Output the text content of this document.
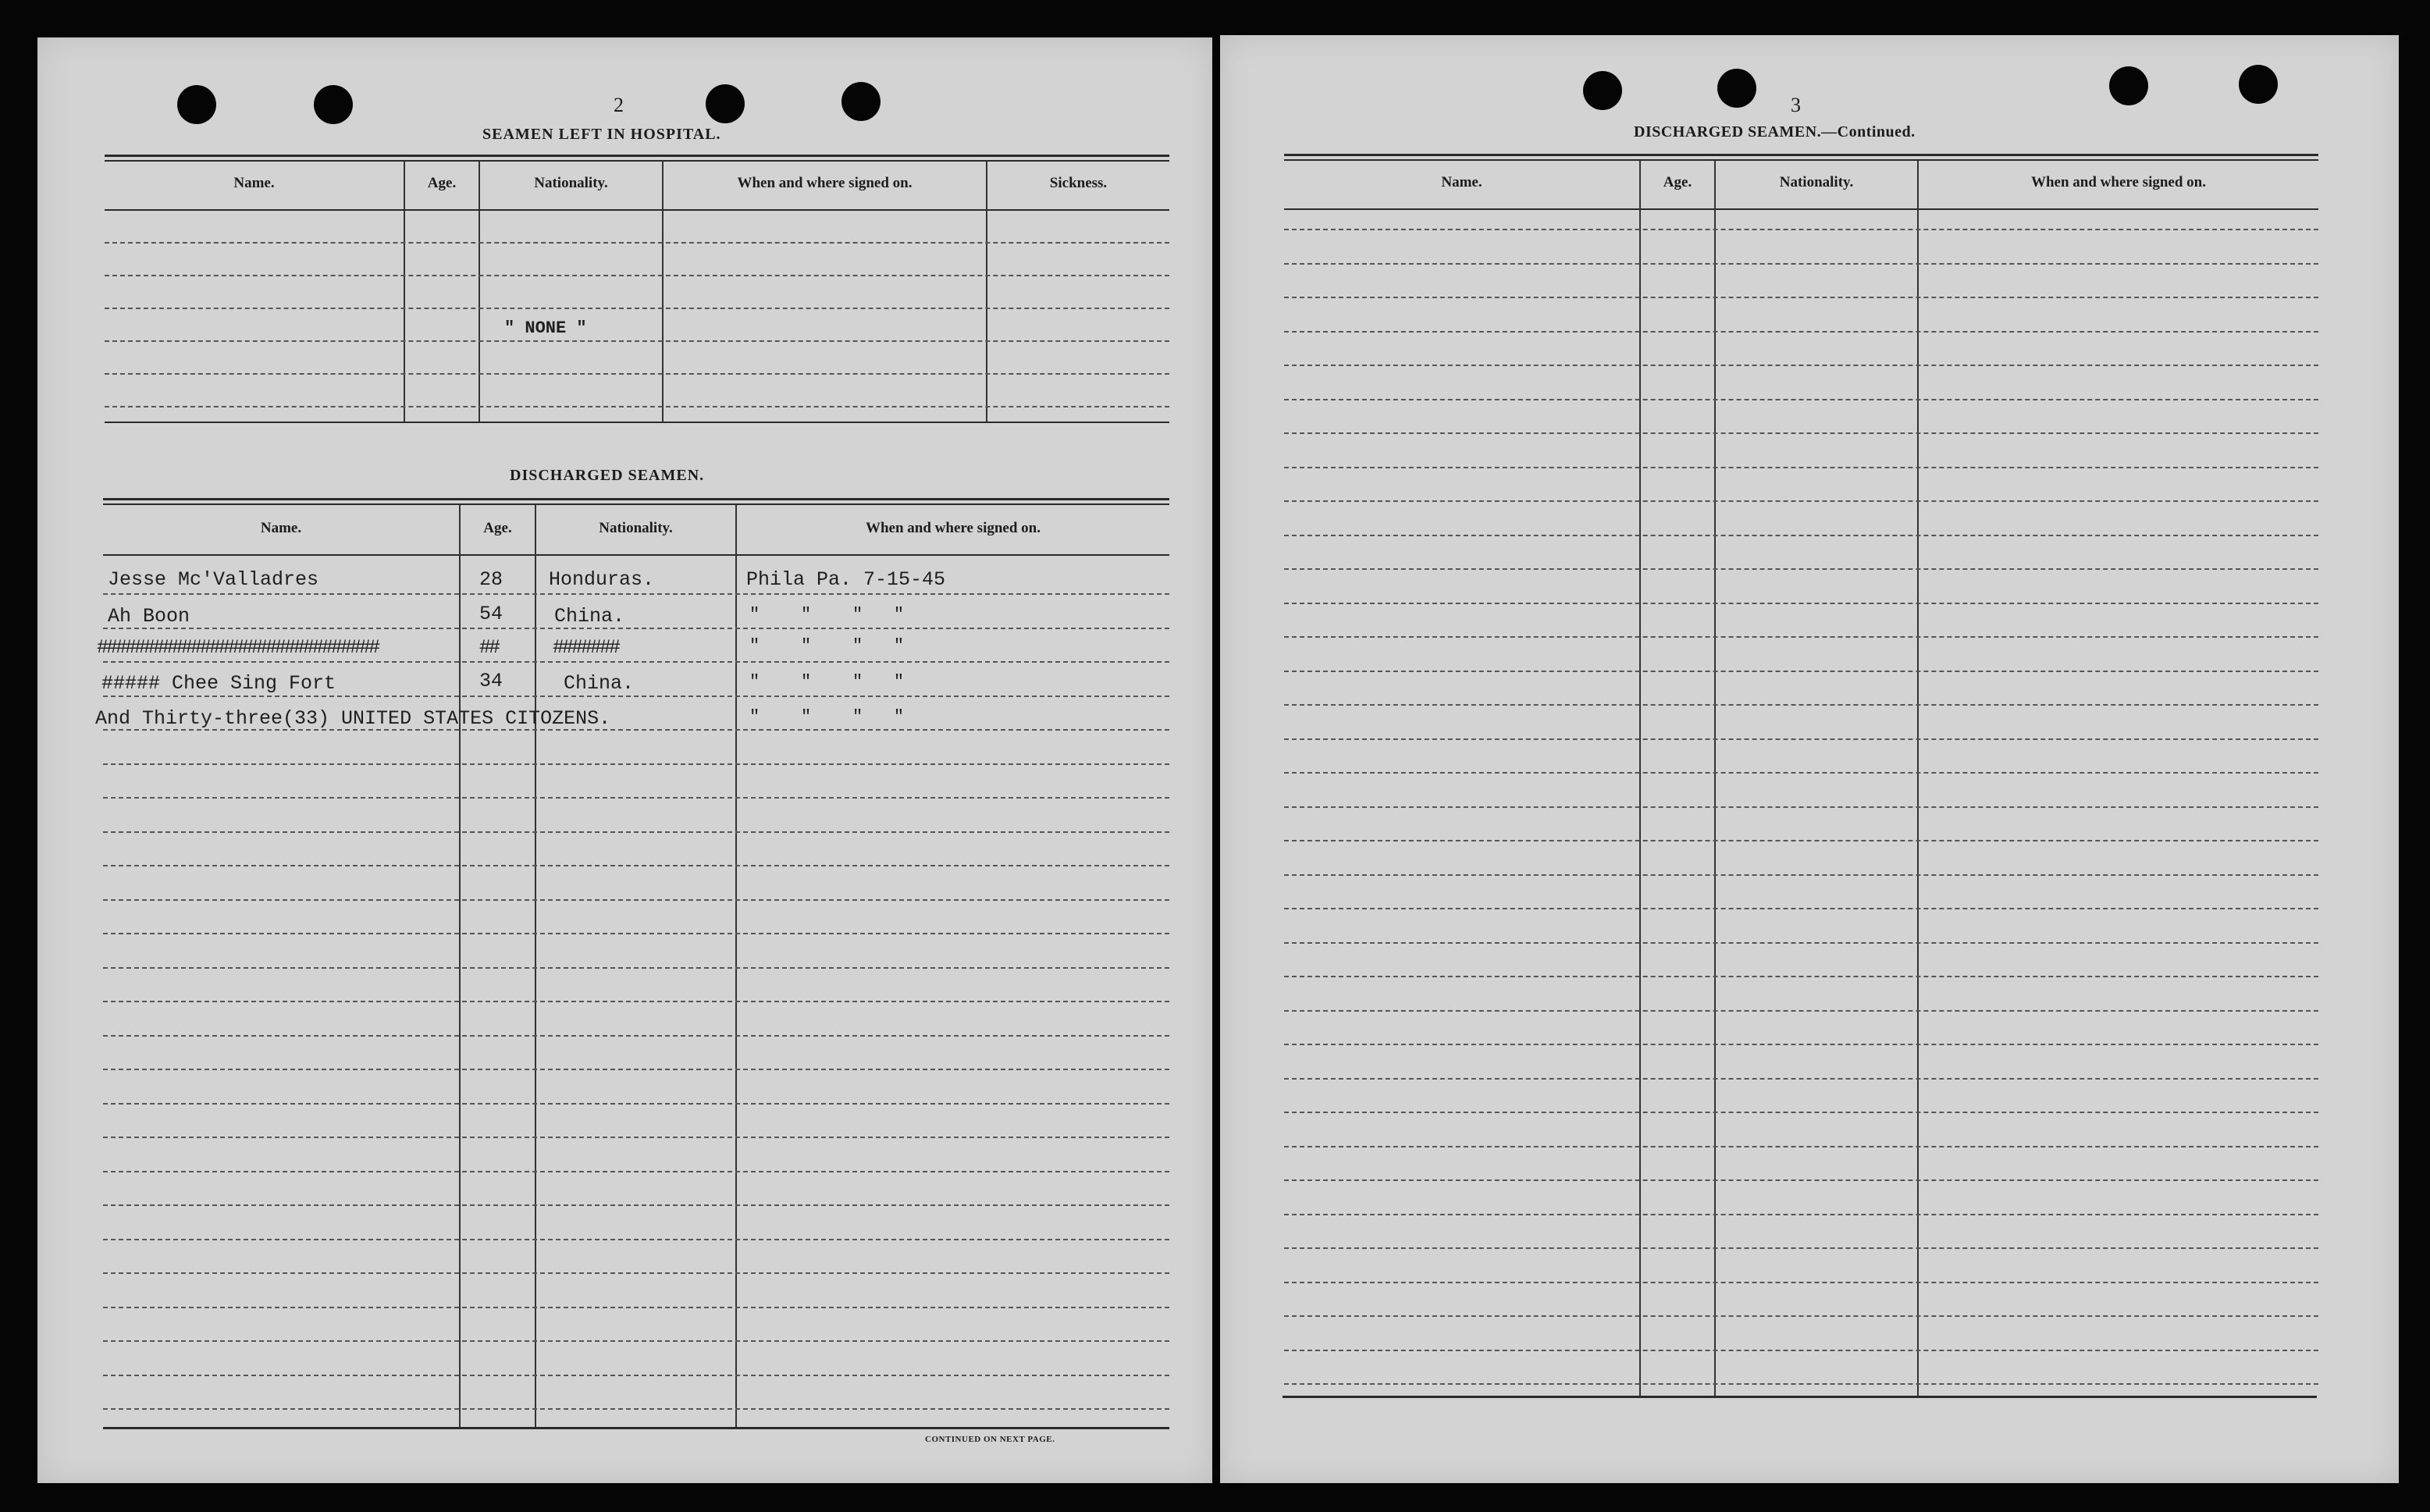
2
SEAMEN LEFT IN HOSPITAL.
Name.	Age.	Nationality.	When and where signed on.	Sickness.
" NONE "
DISCHARGED SEAMEN.
Name.	Age.	Nationality.	When and where signed on.
Jesse Mc'Valladres	28 Honduras.	Phila Pa. 7-15-45
Ah Boon	54	China.	"    "    "   "
##############################	##	#######	"    "    "   "
##### Chee Sing Fort	34	China.	"    "    "   "
And Thirty-three(33) UNITED STATES CITOZENS.	"    "    "   "
CONTINUED ON NEXT PAGE.
3
DISCHARGED SEAMEN.—Continued.
Name.	Age.	Nationality.	When and where signed on.
